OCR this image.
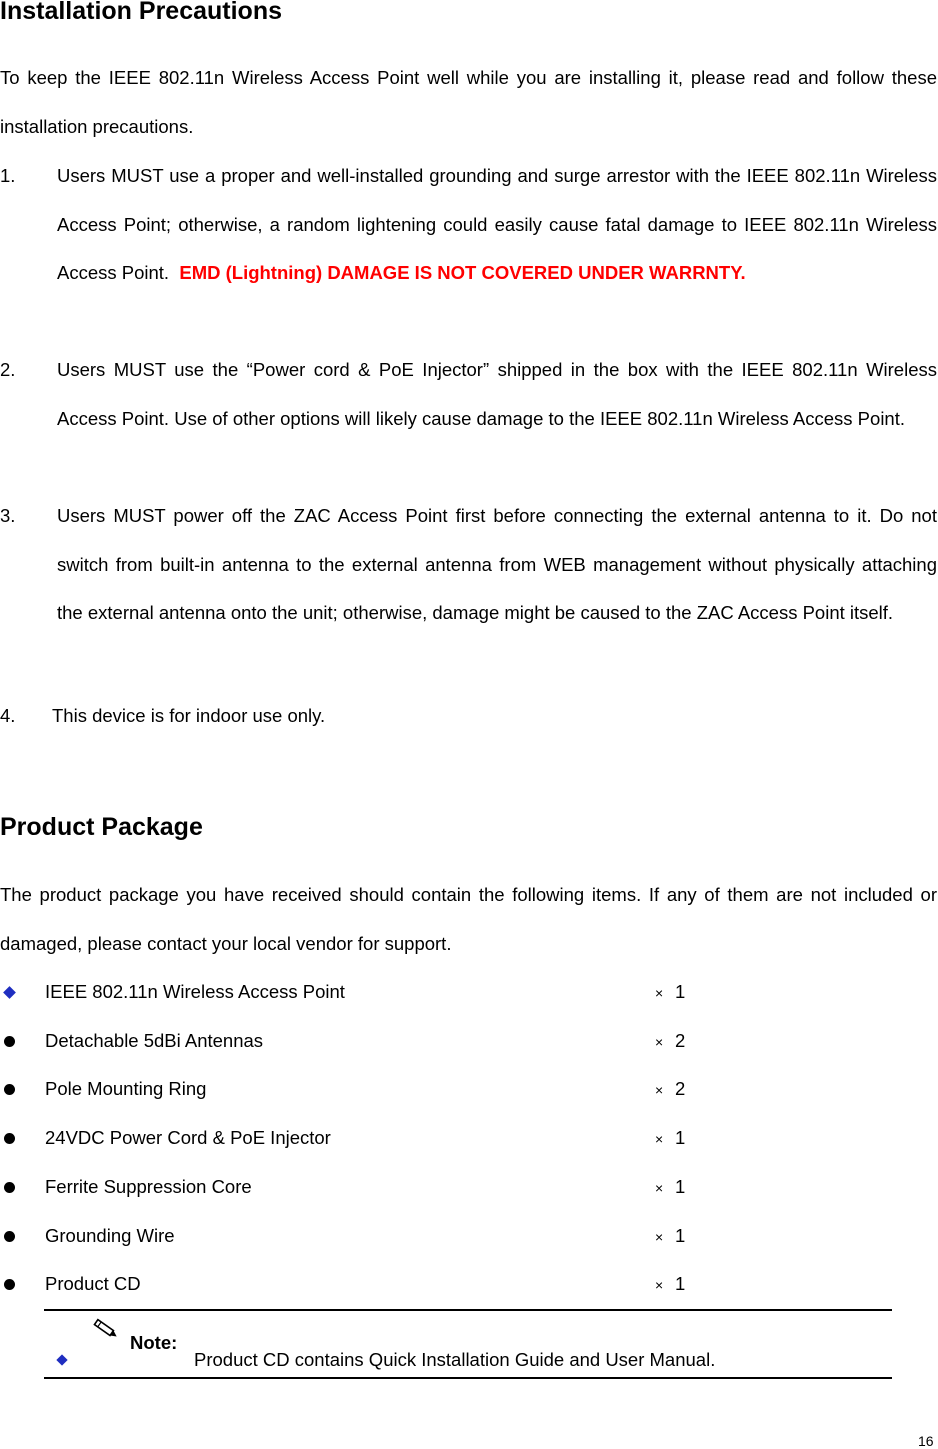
Installation Precautions

To keep the IEEE 802.11n Wireless Access Point well while you are installing it, please read and follow these installation precautions.

1. Users MUST use a proper and well-installed grounding and surge arrestor with the IEEE 802.11n Wireless Access Point; otherwise, a random lightening could easily cause fatal damage to IEEE 802.11n Wireless Access Point. EMD (Lightning) DAMAGE IS NOT COVERED UNDER WARRNTY.
2. Users MUST use the “Power cord & PoE Injector” shipped in the box with the IEEE 802.11n Wireless Access Point. Use of other options will likely cause damage to the IEEE 802.11n Wireless Access Point.
3. Users MUST power off the ZAC Access Point first before connecting the external antenna to it. Do not switch from built-in antenna to the external antenna from WEB management without physically attaching the external antenna onto the unit; otherwise, damage might be caused to the ZAC Access Point itself.
4. This device is for indoor use only.
Product Package

The product package you have received should contain the following items. If any of them are not included or damaged, please contact your local vendor for support.

IEEE 802.11n Wireless Access Point	× 1
Detachable 5dBi Antennas	× 2
Pole Mounting Ring	× 2
24VDC Power Cord & PoE Injector	× 1
Ferrite Suppression Core	× 1
Grounding Wire	× 1
Product CD	× 1
Note:
Product CD contains Quick Installation Guide and User Manual.
16
